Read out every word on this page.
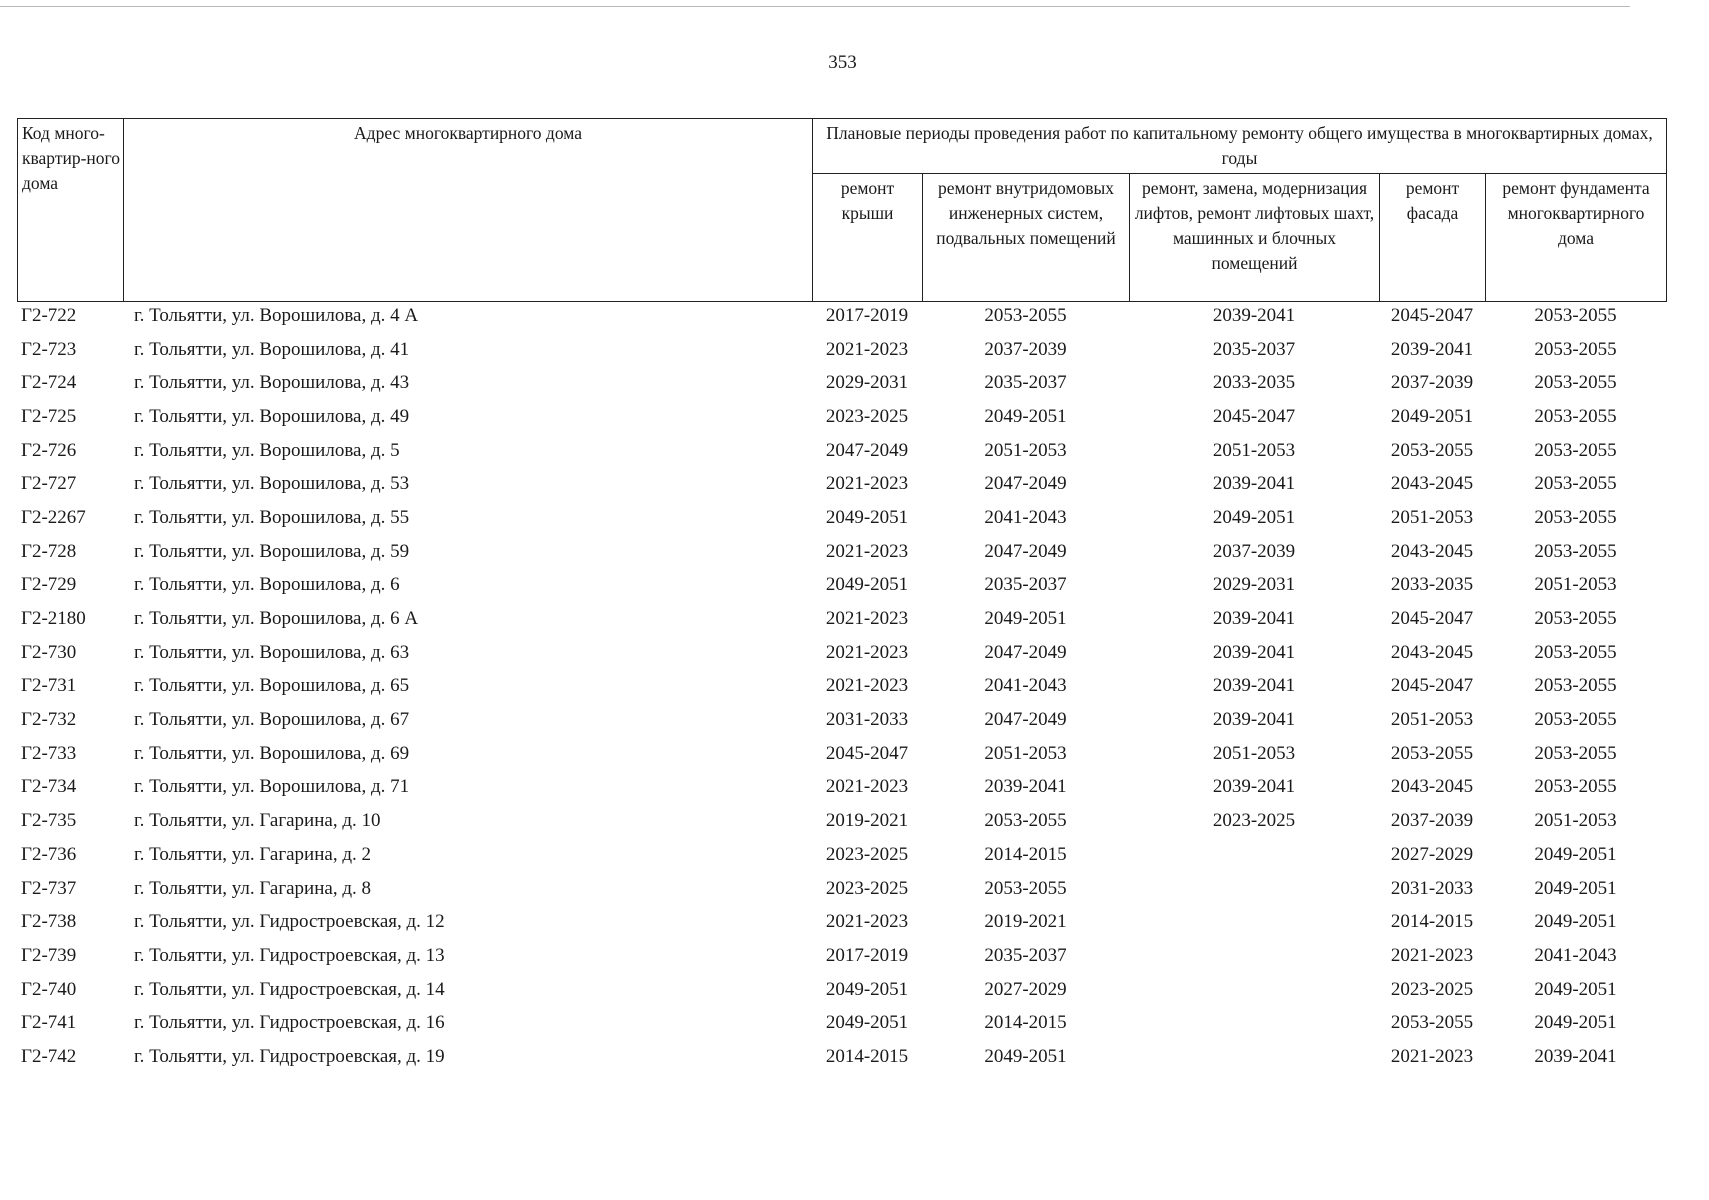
353
Код много-квартир-ного дома	Адрес многоквартирного дома	Плановые периоды проведения работ по капитальному ремонту общего имущества в многоквартирных домах, годы				
		ремонт крыши	ремонт внутридомовых инженерных систем, подвальных помещений	ремонт, замена, модернизация лифтов, ремонт лифтовых шахт, машинных и блочных помещений	ремонт фасада	ремонт фундамента многоквартирного дома
Г2-722	г. Тольятти, ул. Ворошилова, д. 4 А	2017-2019	2053-2055	2039-2041	2045-2047	2053-2055
Г2-723	г. Тольятти, ул. Ворошилова, д. 41	2021-2023	2037-2039	2035-2037	2039-2041	2053-2055
Г2-724	г. Тольятти, ул. Ворошилова, д. 43	2029-2031	2035-2037	2033-2035	2037-2039	2053-2055
Г2-725	г. Тольятти, ул. Ворошилова, д. 49	2023-2025	2049-2051	2045-2047	2049-2051	2053-2055
Г2-726	г. Тольятти, ул. Ворошилова, д. 5	2047-2049	2051-2053	2051-2053	2053-2055	2053-2055
Г2-727	г. Тольятти, ул. Ворошилова, д. 53	2021-2023	2047-2049	2039-2041	2043-2045	2053-2055
Г2-2267	г. Тольятти, ул. Ворошилова, д. 55	2049-2051	2041-2043	2049-2051	2051-2053	2053-2055
Г2-728	г. Тольятти, ул. Ворошилова, д. 59	2021-2023	2047-2049	2037-2039	2043-2045	2053-2055
Г2-729	г. Тольятти, ул. Ворошилова, д. 6	2049-2051	2035-2037	2029-2031	2033-2035	2051-2053
Г2-2180	г. Тольятти, ул. Ворошилова, д. 6 А	2021-2023	2049-2051	2039-2041	2045-2047	2053-2055
Г2-730	г. Тольятти, ул. Ворошилова, д. 63	2021-2023	2047-2049	2039-2041	2043-2045	2053-2055
Г2-731	г. Тольятти, ул. Ворошилова, д. 65	2021-2023	2041-2043	2039-2041	2045-2047	2053-2055
Г2-732	г. Тольятти, ул. Ворошилова, д. 67	2031-2033	2047-2049	2039-2041	2051-2053	2053-2055
Г2-733	г. Тольятти, ул. Ворошилова, д. 69	2045-2047	2051-2053	2051-2053	2053-2055	2053-2055
Г2-734	г. Тольятти, ул. Ворошилова, д. 71	2021-2023	2039-2041	2039-2041	2043-2045	2053-2055
Г2-735	г. Тольятти, ул. Гагарина, д. 10	2019-2021	2053-2055	2023-2025	2037-2039	2051-2053
Г2-736	г. Тольятти, ул. Гагарина, д. 2	2023-2025	2014-2015		2027-2029	2049-2051
Г2-737	г. Тольятти, ул. Гагарина, д. 8	2023-2025	2053-2055		2031-2033	2049-2051
Г2-738	г. Тольятти, ул. Гидростроевская, д. 12	2021-2023	2019-2021		2014-2015	2049-2051
Г2-739	г. Тольятти, ул. Гидростроевская, д. 13	2017-2019	2035-2037		2021-2023	2041-2043
Г2-740	г. Тольятти, ул. Гидростроевская, д. 14	2049-2051	2027-2029		2023-2025	2049-2051
Г2-741	г. Тольятти, ул. Гидростроевская, д. 16	2049-2051	2014-2015		2053-2055	2049-2051
Г2-742	г. Тольятти, ул. Гидростроевская, д. 19	2014-2015	2049-2051		2021-2023	2039-2041
